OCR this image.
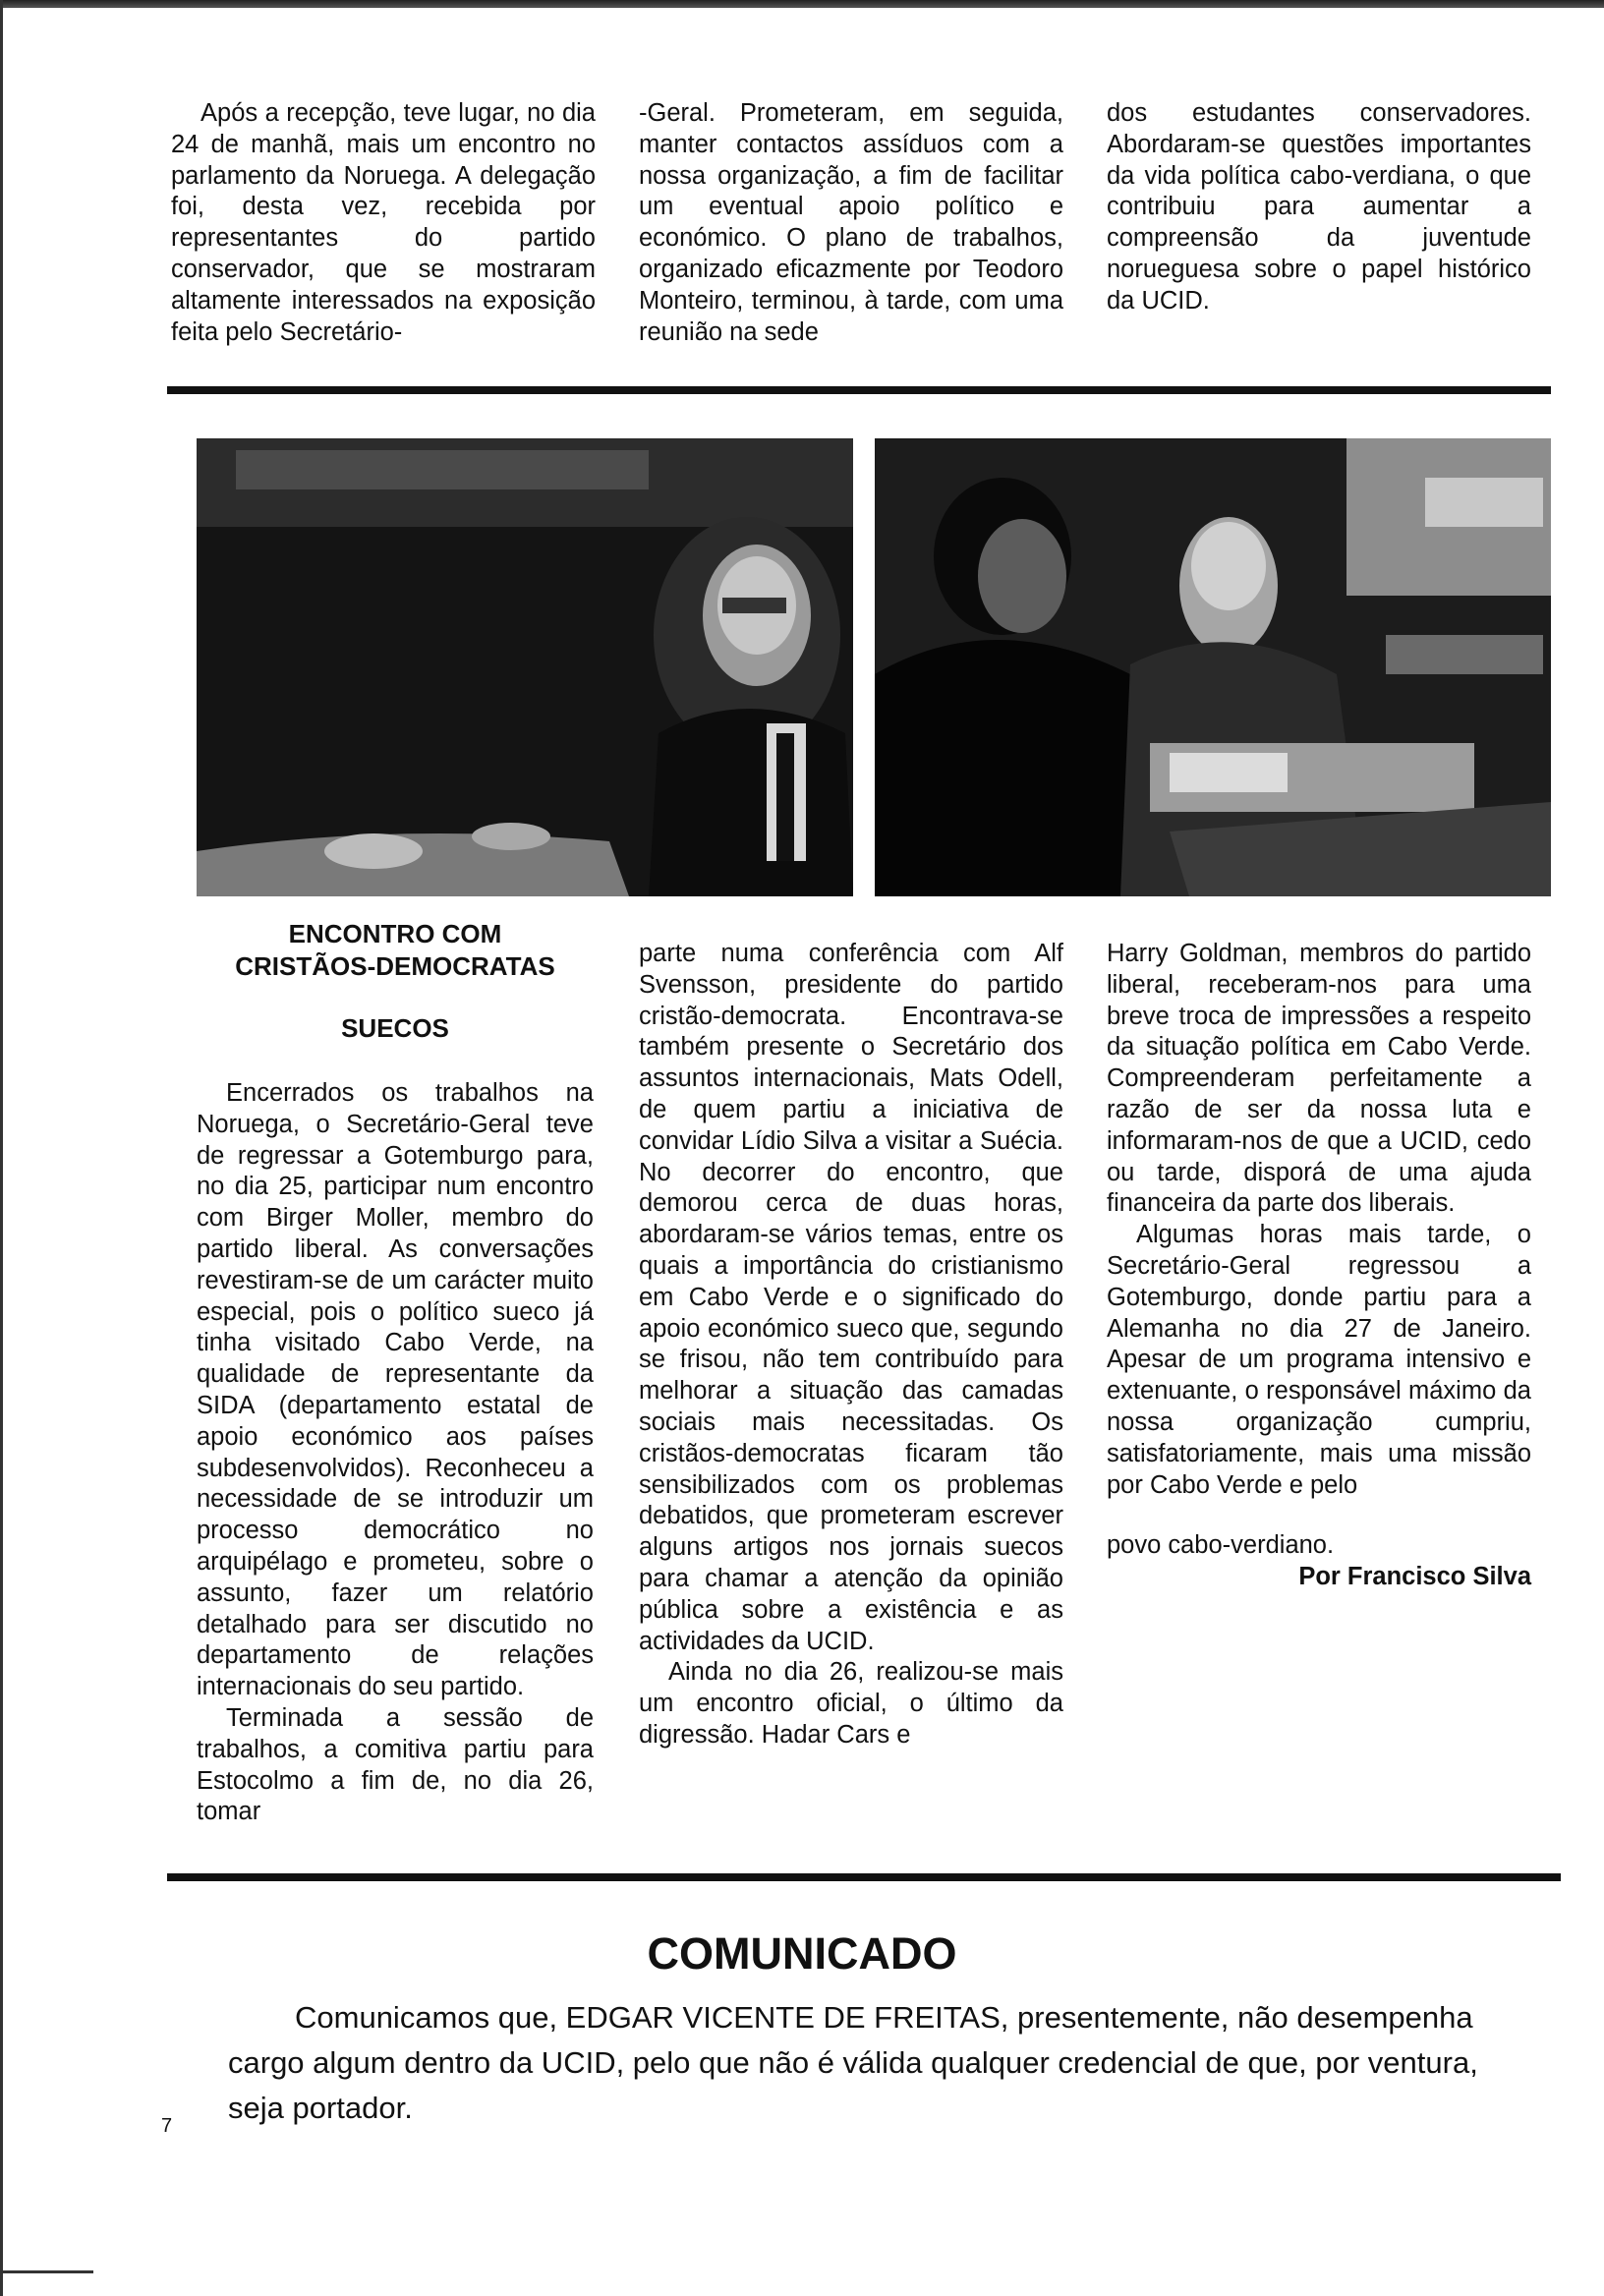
Após a recepção, teve lugar, no dia 24 de manhã, mais um encontro no parlamento da Noruega. A delegação foi, desta vez, recebida por representantes do partido conservador, que se mostraram altamente interessados na exposição feita pelo Secretário-

-Geral. Prometeram, em seguida, manter contactos assíduos com a nossa organização, a fim de facilitar um eventual apoio político e económico. O plano de trabalhos, organizado eficazmente por Teodoro Monteiro, terminou, à tarde, com uma reunião na sede

dos estudantes conservadores. Abordaram-se questões importantes da vida política cabo-verdiana, o que contribuiu para aumentar a compreensão da juventude norueguesa sobre o papel histórico da UCID.

ENCONTRO COM

CRISTÃOS-DEMOCRATAS

SUECOS

Encerrados os trabalhos na Noruega, o Secretário-Geral teve de regressar a Gotemburgo para, no dia 25, participar num encontro com Birger Moller, membro do partido liberal. As conversações revestiram-se de um carácter muito especial, pois o político sueco já tinha visitado Cabo Verde, na qualidade de representante da SIDA (departamento estatal de apoio económico aos países subdesenvolvidos). Reconheceu a necessidade de se introduzir um processo democrático no arquipélago e prometeu, sobre o assunto, fazer um relatório detalhado para ser discutido no departamento de relações internacionais do seu partido.

Terminada a sessão de trabalhos, a comitiva partiu para Estocolmo a fim de, no dia 26, tomar

parte numa conferência com Alf Svensson, presidente do partido cristão-democrata. Encontrava-se também presente o Secretário dos assuntos internacionais, Mats Odell, de quem partiu a iniciativa de convidar Lídio Silva a visitar a Suécia. No decorrer do encontro, que demorou cerca de duas horas, abordaram-se vários temas, entre os quais a importância do cristianismo em Cabo Verde e o significado do apoio económico sueco que, segundo se frisou, não tem contribuído para melhorar a situação das camadas sociais mais necessitadas. Os cristãos-democratas ficaram tão sensibilizados com os problemas debatidos, que prometeram escrever alguns artigos nos jornais suecos para chamar a atenção da opinião pública sobre a existência e as actividades da UCID.

Ainda no dia 26, realizou-se mais um encontro oficial, o último da digressão. Hadar Cars e

Harry Goldman, membros do partido liberal, receberam-nos para uma breve troca de impressões a respeito da situação política em Cabo Verde. Compreenderam perfeitamente a razão de ser da nossa luta e informaram-nos de que a UCID, cedo ou tarde, disporá de uma ajuda financeira da parte dos liberais.

Algumas horas mais tarde, o Secretário-Geral regressou a Gotemburgo, donde partiu para a Alemanha no dia 27 de Janeiro. Apesar de um programa intensivo e extenuante, o responsável máximo da nossa organização cumpriu, satisfatoriamente, mais uma missão por Cabo Verde e pelo

povo cabo-verdiano.

Por Francisco Silva

COMUNICADO

Comunicamos que, EDGAR VICENTE DE FREITAS, presentemente, não desempenha cargo algum dentro da UCID, pelo que não é válida qualquer credencial de que, por ventura, seja portador.

7
